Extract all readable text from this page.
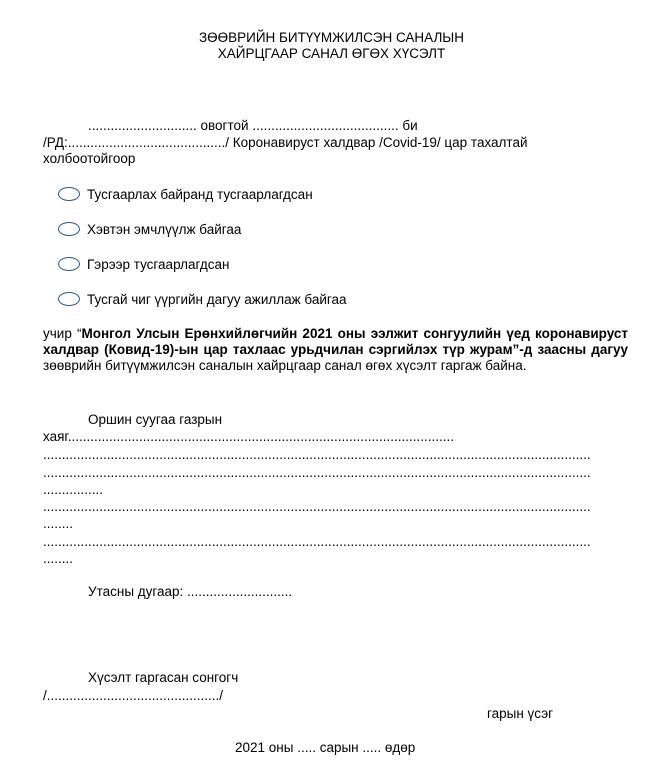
ЗӨӨВРИЙН БИТҮҮМЖИЛСЭН САНАЛЫН
ХАЙРЦГААР САНАЛ ӨГӨХ ХҮСЭЛТ
............................. овогтой ....................................... би
/РД:........................................../ Коронавируст халдвар /Covid-19/ цар тахалтай
холбоотойгоор
Тусгаарлах байранд тусгаарлагдсан
Хэвтэн эмчлүүлж байгаа
Гэрээр тусгаарлагдсан
Тусгай чиг үүргийн дагуу ажиллаж байгаа
учир “Монгол Улсын Ерөнхийлөгчийн 2021 оны ээлжит сонгуулийн үед коронавируст халдвар (Ковид-19)-ын цар тахлаас урьдчилан сэргийлэх түр журам”-д заасны дагуу зөөврийн битүүмжилсэн саналын хайрцгаар санал өгөх хүсэлт гаргаж байна.
Оршин суугаа газрын
хаяг.......................................................................................................
..................................................................................................................................................
..................................................................................................................................................
................
..................................................................................................................................................
........
..................................................................................................................................................
........
Утасны дугаар: ............................
Хүсэлт гаргасан сонгогч
/............................................../
гарын үсэг
2021 оны ..... сарын ..... өдөр
